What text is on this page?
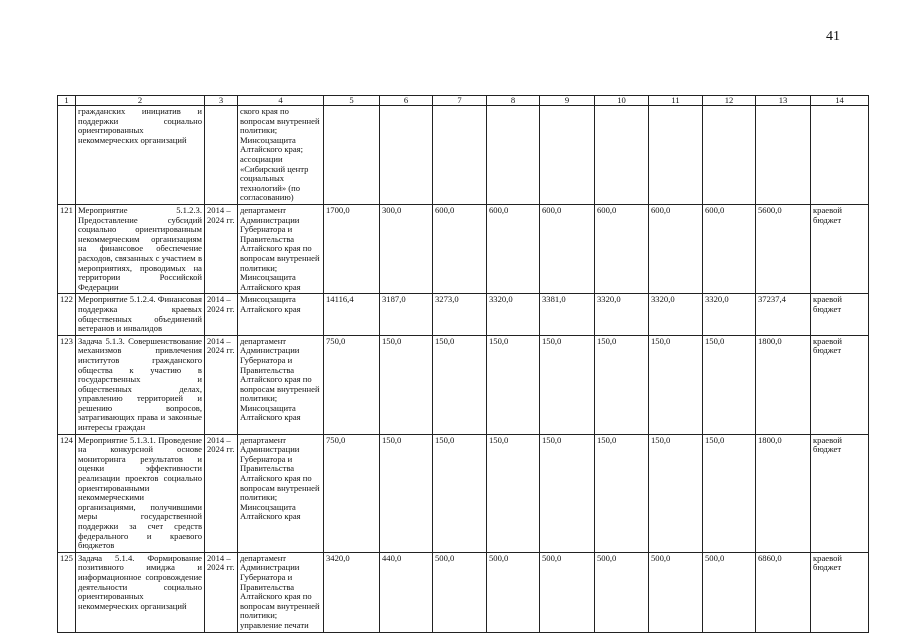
41
1	2	3	4	5	6	7	8	9	10	11	12	13	14
	гражданских инициатив и поддержки социально ориентированных некоммерческих организаций		ского края по вопросам внутренней политики; Минсоцзащита Алтайского края; ассоциации «Сибирский центр социальных технологий» (по согласованию)										
121	Мероприятие 5.1.2.3. Предоставление субсидий социально ориентированным некоммерческим организациям на финансовое обеспечение расходов, связанных с участием в мероприятиях, проводимых на территории Российской Федерации	2014 – 2024 гг.	департамент Администрации Губернатора и Правительства Алтайского края по вопросам внутренней политики; Минсоцзащита Алтайского края	1700,0	300,0	600,0	600,0	600,0	600,0	600,0	600,0	5600,0	краевой бюджет
122	Мероприятие 5.1.2.4. Финансовая поддержка краевых общественных объединений ветеранов и инвалидов	2014 – 2024 гг.	Минсоцзащита Алтайского края	14116,4	3187,0	3273,0	3320,0	3381,0	3320,0	3320,0	3320,0	37237,4	краевой бюджет
123	Задача 5.1.3. Совершенствование механизмов привлечения институтов гражданского общества к участию в государственных и общественных делах, управлению территорией и решению вопросов, затрагивающих права и законные интересы граждан	2014 – 2024 гг.	департамент Администрации Губернатора и Правительства Алтайского края по вопросам внутренней политики; Минсоцзащита Алтайского края	750,0	150,0	150,0	150,0	150,0	150,0	150,0	150,0	1800,0	краевой бюджет
124	Мероприятие 5.1.3.1. Проведение на конкурсной основе мониторинга результатов и оценки эффективности реализации проектов социально ориентированными некоммерческими организациями, получившими меры государственной поддержки за счет средств федерального и краевого бюджетов	2014 – 2024 гг.	департамент Администрации Губернатора и Правительства Алтайского края по вопросам внутренней политики; Минсоцзащита Алтайского края	750,0	150,0	150,0	150,0	150,0	150,0	150,0	150,0	1800,0	краевой бюджет
125	Задача 5.1.4. Формирование позитивного имиджа и информационное сопровождение деятельности социально ориентированных некоммерческих организаций	2014 – 2024 гг.	департамент Администрации Губернатора и Правительства Алтайского края по вопросам внутренней политики; управление печати	3420,0	440,0	500,0	500,0	500,0	500,0	500,0	500,0	6860,0	краевой бюджет
